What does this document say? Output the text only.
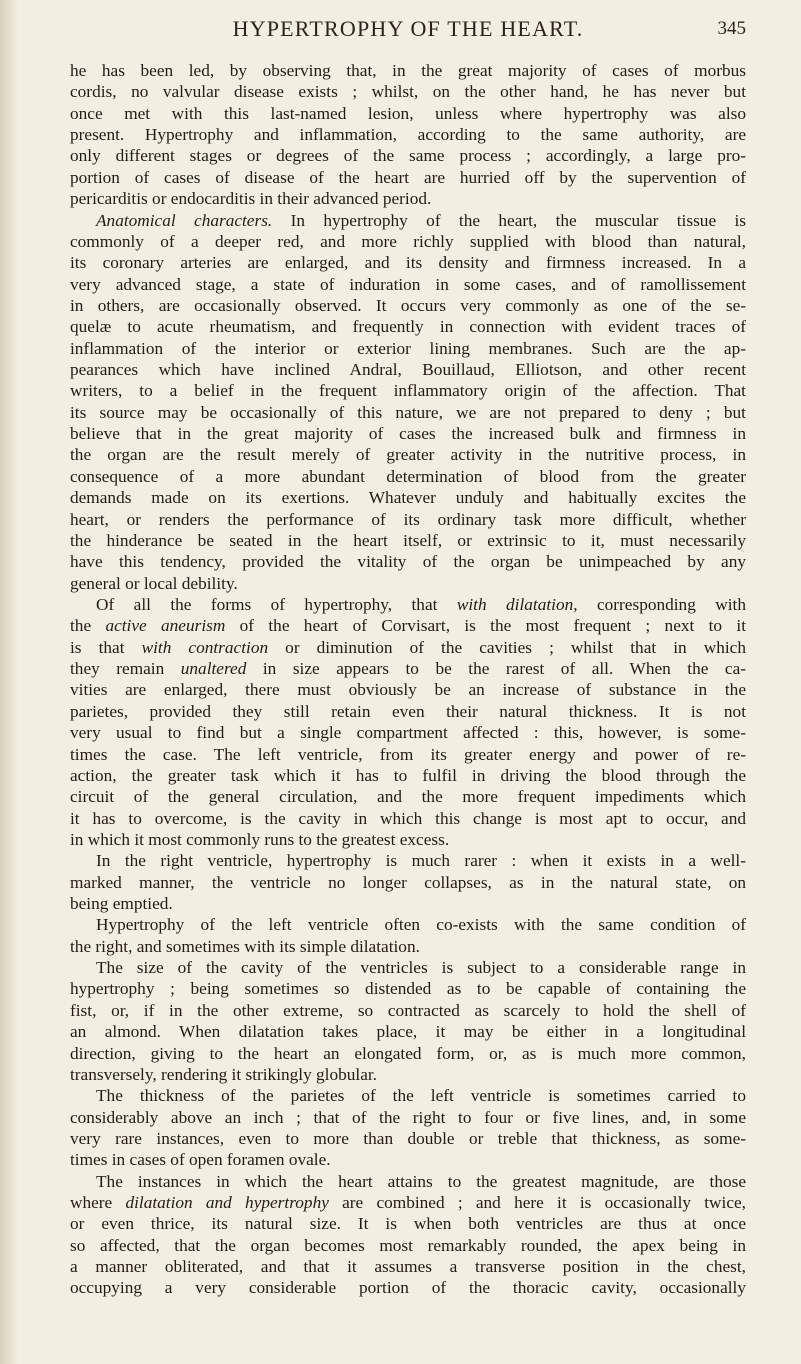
HYPERTROPHY OF THE HEART.	345
he has been led, by observing that, in the great majority of cases of morbus
cordis, no valvular disease exists ; whilst, on the other hand, he has never but
once met with this last-named lesion, unless where hypertrophy was also
present. Hypertrophy and inflammation, according to the same authority, are
only different stages or degrees of the same process ; accordingly, a large pro-
portion of cases of disease of the heart are hurried off by the supervention of
pericarditis or endocarditis in their advanced period.
Anatomical characters. In hypertrophy of the heart, the muscular tissue is
commonly of a deeper red, and more richly supplied with blood than natural,
its coronary arteries are enlarged, and its density and firmness increased. In a
very advanced stage, a state of induration in some cases, and of ramollissement
in others, are occasionally observed. It occurs very commonly as one of the se-
quelæ to acute rheumatism, and frequently in connection with evident traces of
inflammation of the interior or exterior lining membranes. Such are the ap-
pearances which have inclined Andral, Bouillaud, Elliotson, and other recent
writers, to a belief in the frequent inflammatory origin of the affection. That
its source may be occasionally of this nature, we are not prepared to deny ; but
believe that in the great majority of cases the increased bulk and firmness in
the organ are the result merely of greater activity in the nutritive process, in
consequence of a more abundant determination of blood from the greater
demands made on its exertions. Whatever unduly and habitually excites the
heart, or renders the performance of its ordinary task more difficult, whether
the hinderance be seated in the heart itself, or extrinsic to it, must necessarily
have this tendency, provided the vitality of the organ be unimpeached by any
general or local debility.
Of all the forms of hypertrophy, that with dilatation, corresponding with
the active aneurism of the heart of Corvisart, is the most frequent ; next to it
is that with contraction or diminution of the cavities ; whilst that in which
they remain unaltered in size appears to be the rarest of all. When the ca-
vities are enlarged, there must obviously be an increase of substance in the
parietes, provided they still retain even their natural thickness. It is not
very usual to find but a single compartment affected : this, however, is some-
times the case. The left ventricle, from its greater energy and power of re-
action, the greater task which it has to fulfil in driving the blood through the
circuit of the general circulation, and the more frequent impediments which
it has to overcome, is the cavity in which this change is most apt to occur, and
in which it most commonly runs to the greatest excess.
In the right ventricle, hypertrophy is much rarer : when it exists in a well-
marked manner, the ventricle no longer collapses, as in the natural state, on
being emptied.
Hypertrophy of the left ventricle often co-exists with the same condition of
the right, and sometimes with its simple dilatation.
The size of the cavity of the ventricles is subject to a considerable range in
hypertrophy ; being sometimes so distended as to be capable of containing the
fist, or, if in the other extreme, so contracted as scarcely to hold the shell of
an almond. When dilatation takes place, it may be either in a longitudinal
direction, giving to the heart an elongated form, or, as is much more common,
transversely, rendering it strikingly globular.
The thickness of the parietes of the left ventricle is sometimes carried to
considerably above an inch ; that of the right to four or five lines, and, in some
very rare instances, even to more than double or treble that thickness, as some-
times in cases of open foramen ovale.
The instances in which the heart attains to the greatest magnitude, are those
where dilatation and hypertrophy are combined ; and here it is occasionally twice,
or even thrice, its natural size. It is when both ventricles are thus at once
so affected, that the organ becomes most remarkably rounded, the apex being in
a manner obliterated, and that it assumes a transverse position in the chest,
occupying a very considerable portion of the thoracic cavity, occasionally
